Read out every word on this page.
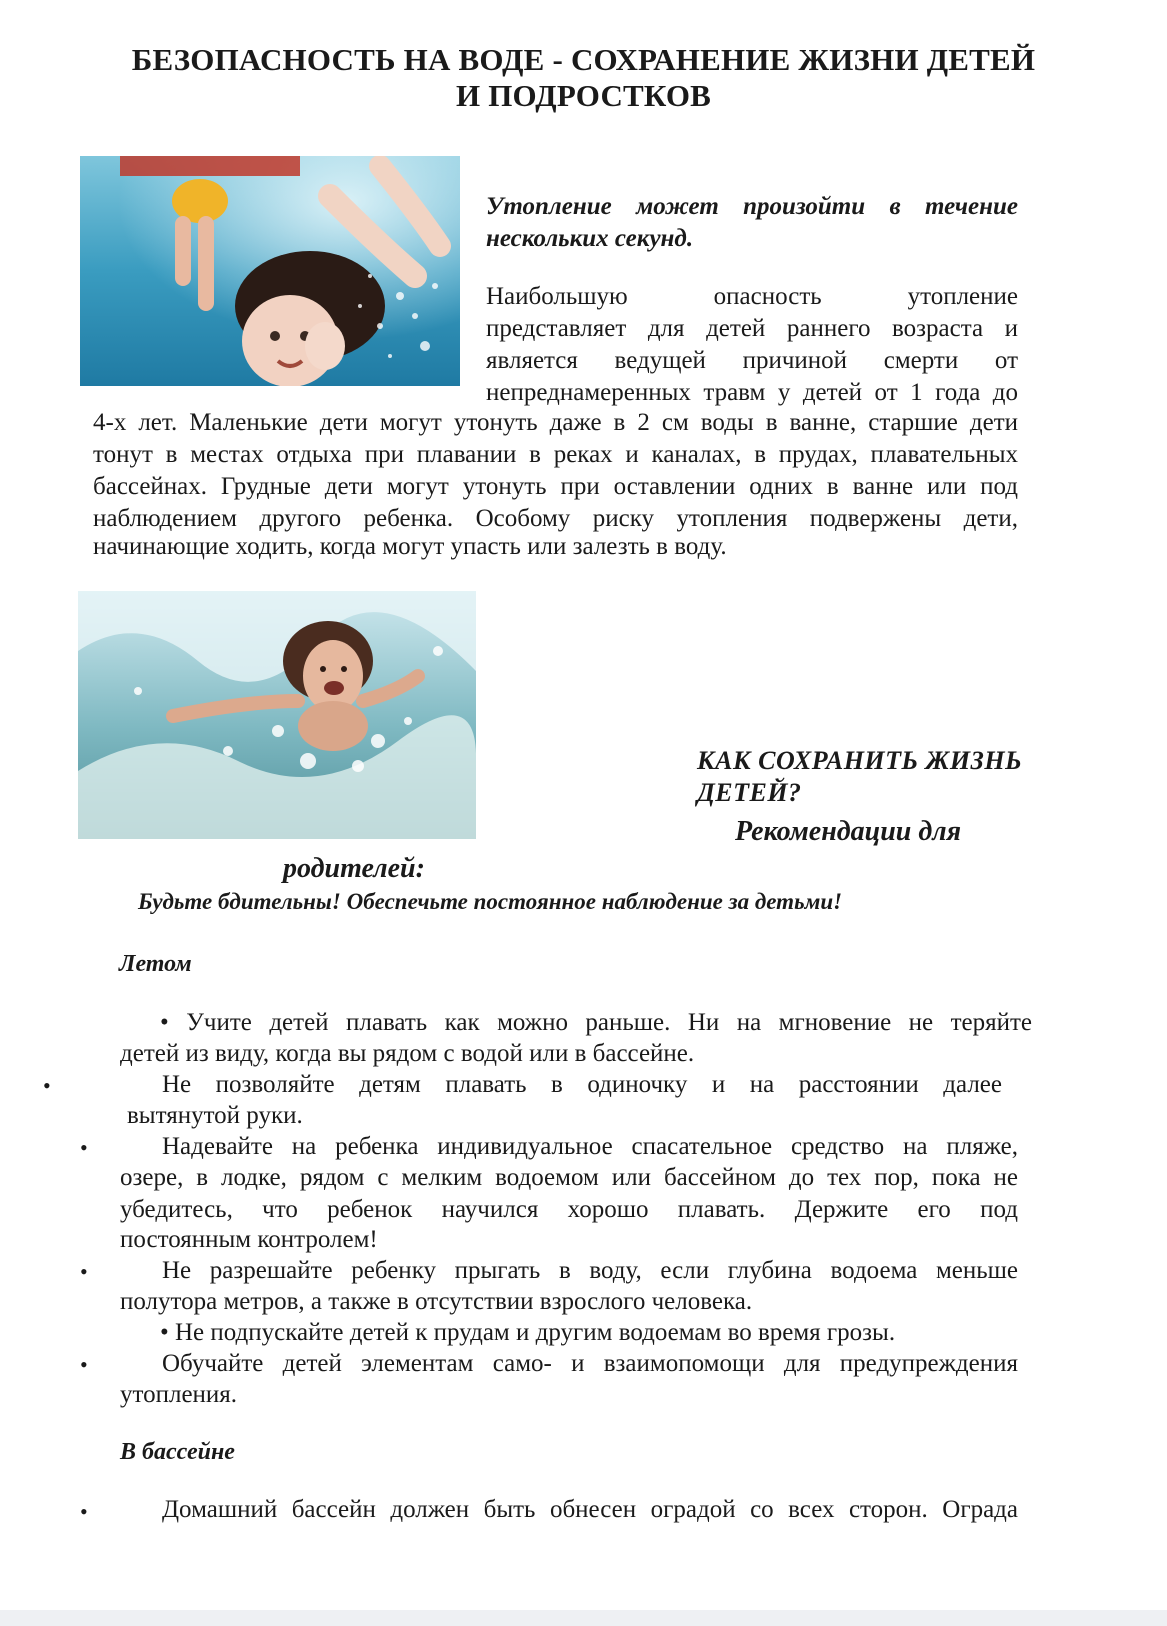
БЕЗОПАСНОСТЬ НА ВОДЕ - СОХРАНЕНИЕ ЖИЗНИ ДЕТЕЙ
И ПОДРОСТКОВ
Утопление может произойти в течение
нескольких секунд.
Наибольшую опасность утопление
представляет для детей раннего возраста и
является ведущей причиной смерти от
непреднамеренных травм у детей от 1 года до
4-х лет. Маленькие дети могут утонуть даже в 2 см воды в ванне, старшие дети
тонут в местах отдыха при плавании в реках и каналах, в прудах, плавательных
бассейнах. Грудные дети могут утонуть при оставлении одних в ванне или под
наблюдением другого ребенка. Особому риску утопления подвержены дети,
начинающие ходить, когда могут упасть или залезть в воду.
КАК СОХРАНИТЬ ЖИЗНЬ
ДЕТЕЙ?
Рекомендации для
родителей:
Будьте бдительны! Обеспечьте постоянное наблюдение за детьми!
Летом
• Учите детей плавать как можно раньше. Ни на мгновение не теряйте
детей из виду, когда вы рядом с водой или в бассейне.
•	Не позволяйте детям плавать в одиночку и на расстоянии далее
вытянутой руки.
•	Надевайте на ребенка индивидуальное спасательное средство на пляже,
озере, в лодке, рядом с мелким водоемом или бассейном до тех пор, пока не
убедитесь, что ребенок научился хорошо плавать. Держите его под
постоянным контролем!
•	Не разрешайте ребенку прыгать в воду, если глубина водоема меньше
полутора метров, а также в отсутствии взрослого человека.
• Не подпускайте детей к прудам и другим водоемам во время грозы.
•	Обучайте детей элементам само- и взаимопомощи для предупреждения
утопления.
В бассейне
•	Домашний бассейн должен быть обнесен оградой со всех сторон. Ограда
